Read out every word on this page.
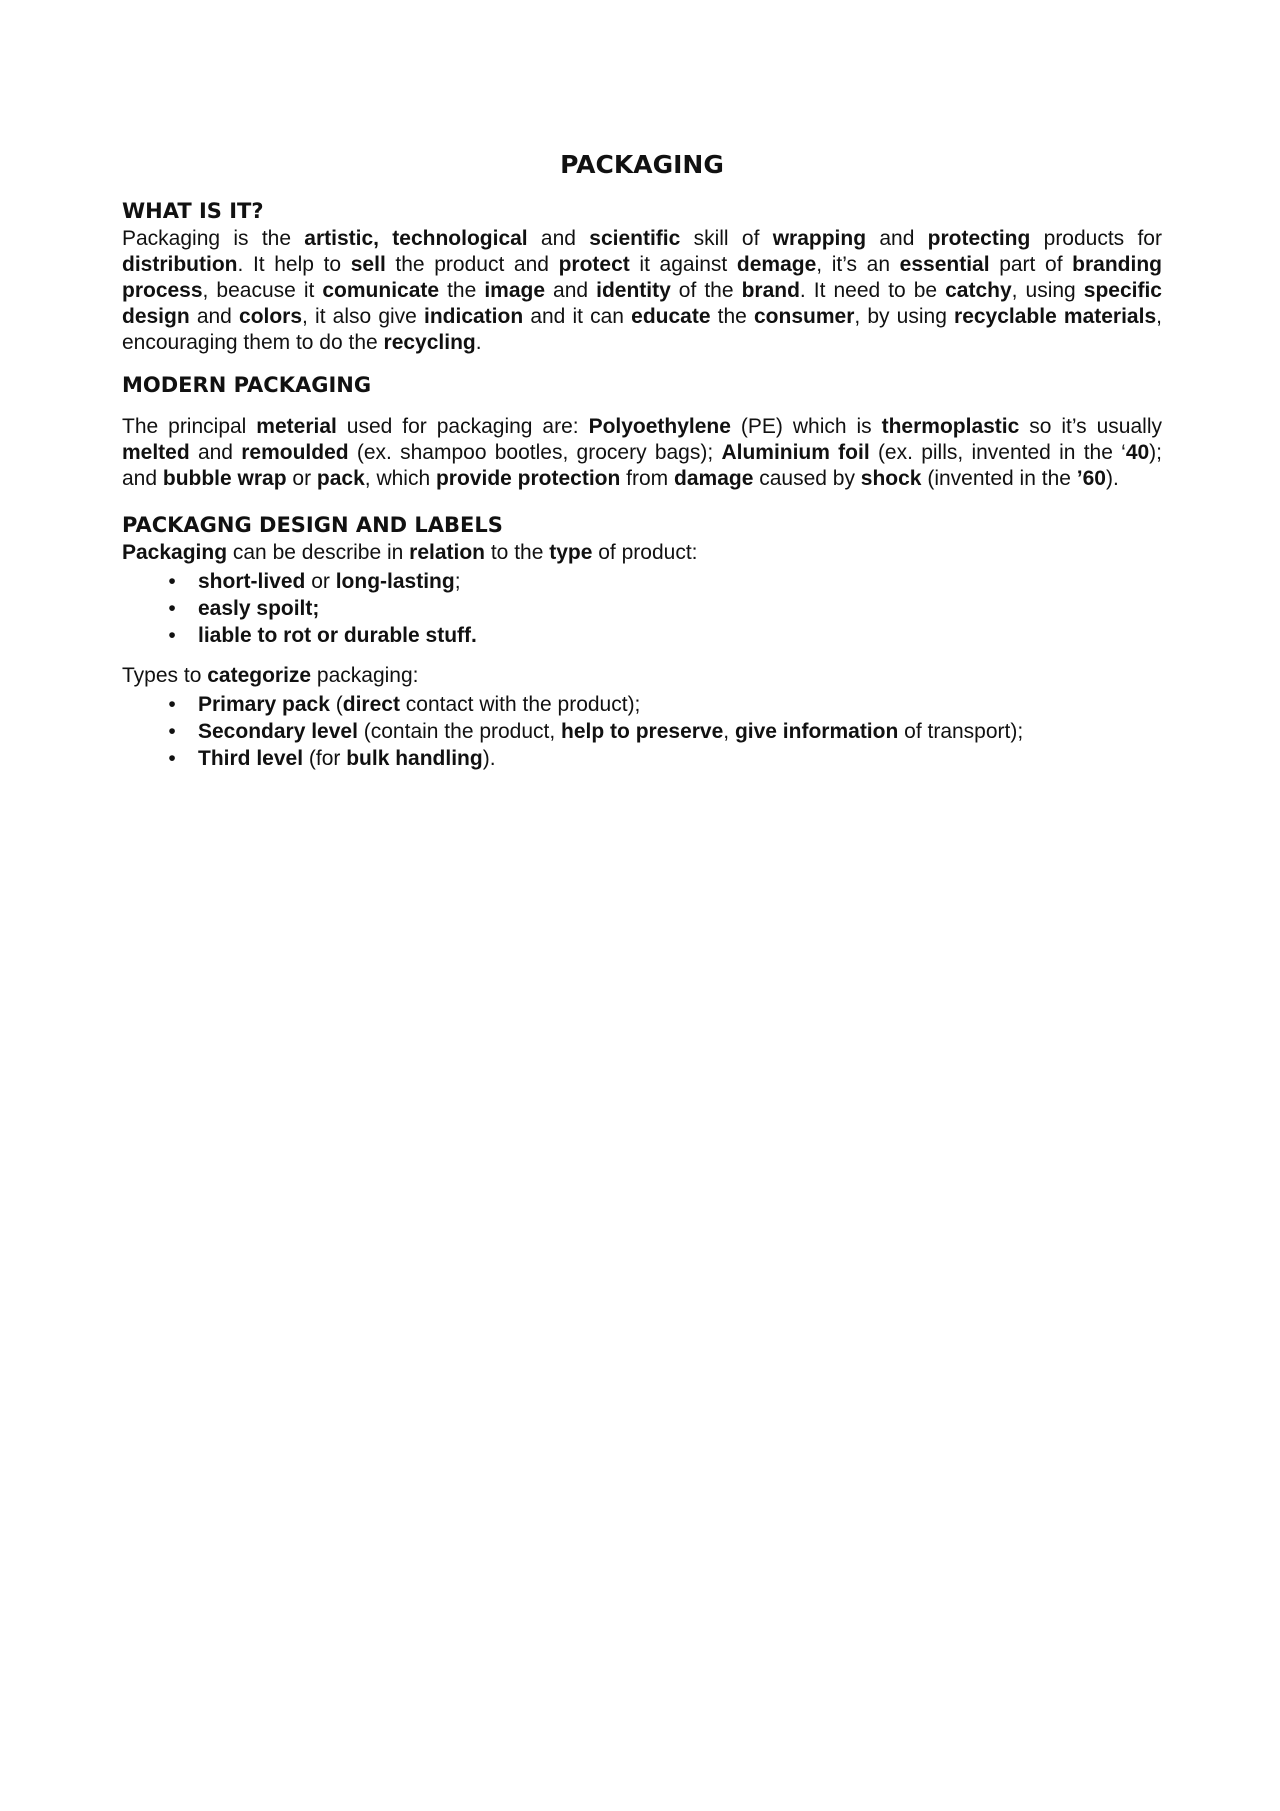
PACKAGING
WHAT IS IT?

Packaging is the artistic, technological and scientific skill of wrapping and protecting products for distribution. It help to sell the product and protect it against demage, it’s an essential part of branding process, beacuse it comunicate the image and identity of the brand. It need to be catchy, using specific design and colors, it also give indication and it can educate the consumer, by using recyclable materials, encouraging them to do the recycling.

MODERN PACKAGING

The principal meterial used for packaging are: Polyoethylene (PE) which is thermoplastic so it’s usually melted and remoulded (ex. shampoo bootles, grocery bags); Aluminium foil (ex. pills, invented in the ‘40); and bubble wrap or pack, which provide protection from damage caused by shock (invented in the ’60).

PACKAGNG DESIGN AND LABELS

Packaging can be describe in relation to the type of product:

•	short-lived or long-lasting;
•	easly spoilt;
•	liable to rot or durable stuff.

Types to categorize packaging:

•	Primary pack (direct contact with the product);
•	Secondary level (contain the product, help to preserve, give information of transport);
•	Third level (for bulk handling).
